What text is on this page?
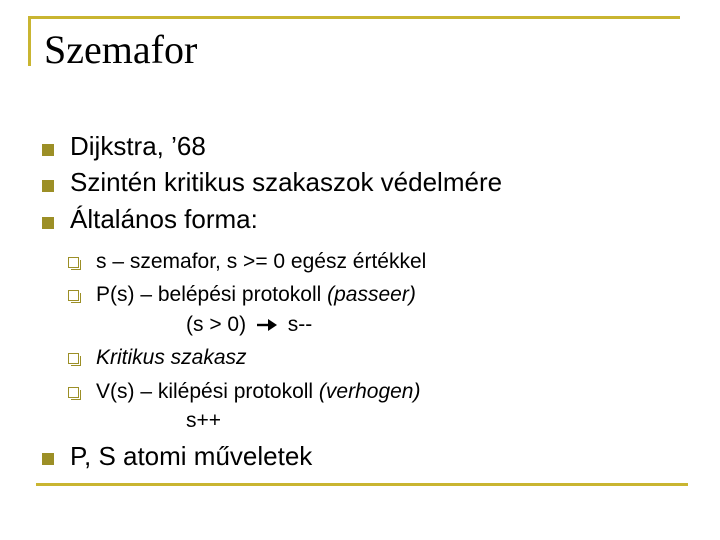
Szemafor
Dijkstra, ’68
Szintén kritikus szakaszok védelmére
Általános forma:
s – szemafor, s >= 0 egész értékkel
P(s) – belépési protokoll (passeer)
(s > 0) s--
Kritikus szakasz
V(s) – kilépési protokoll (verhogen)
s++
P, S atomi műveletek
